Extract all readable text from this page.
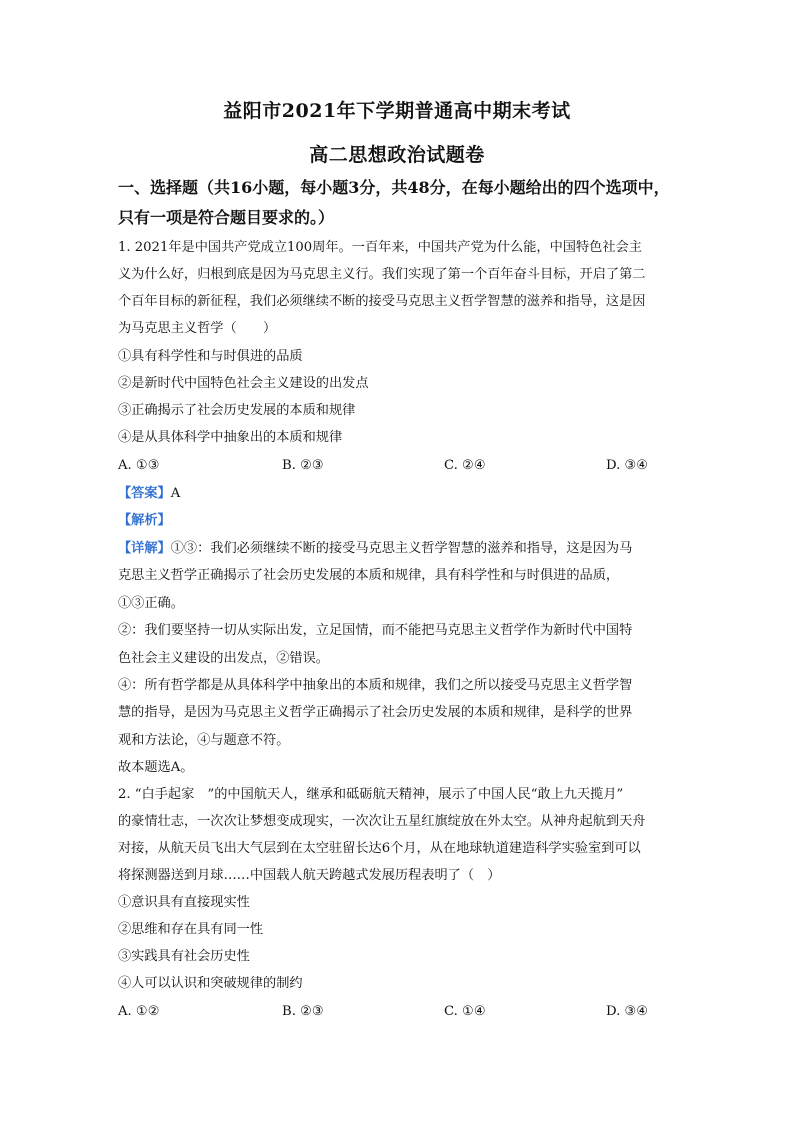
益阳市2021年下学期普通高中期末考试
高二思想政治试题卷
一、选择题（共16小题，每小题3分，共48分，在每小题给出的四个选项中，
只有一项是符合题目要求的。）
1. 2021年是中国共产党成立100周年。一百年来，中国共产党为什么能，中国特色社会主
义为什么好，归根到底是因为马克思主义行。我们实现了第一个百年奋斗目标，开启了第二
个百年目标的新征程，我们必须继续不断的接受马克思主义哲学智慧的滋养和指导，这是因
为马克思主义哲学（　　）
①具有科学性和与时俱进的品质
②是新时代中国特色社会主义建设的出发点
③正确揭示了社会历史发展的本质和规律
④是从具体科学中抽象出的本质和规律
A. ①③	B. ②③	C. ②④	D. ③④
【答案】A
【解析】
【详解】①③：我们必须继续不断的接受马克思主义哲学智慧的滋养和指导，这是因为马
克思主义哲学正确揭示了社会历史发展的本质和规律，具有科学性和与时俱进的品质，
①③正确。
②：我们要坚持一切从实际出发，立足国情，而不能把马克思主义哲学作为新时代中国特
色社会主义建设的出发点，②错误。
④：所有哲学都是从具体科学中抽象出的本质和规律，我们之所以接受马克思主义哲学智
慧的指导，是因为马克思主义哲学正确揭示了社会历史发展的本质和规律，是科学的世界
观和方法论，④与题意不符。
故本题选A。
2. “白手起家　”的中国航天人，继承和砥砺航天精神，展示了中国人民“敢上九天揽月”
的豪情壮志，一次次让梦想变成现实，一次次让五星红旗绽放在外太空。从神舟起航到天舟
对接，从航天员飞出大气层到在太空驻留长达6个月，从在地球轨道建造科学实验室到可以
将探测器送到月球……中国载人航天跨越式发展历程表明了（　）
①意识具有直接现实性
②思维和存在具有同一性
③实践具有社会历史性
④人可以认识和突破规律的制约
A. ①②	B. ②③	C. ①④	D. ③④
